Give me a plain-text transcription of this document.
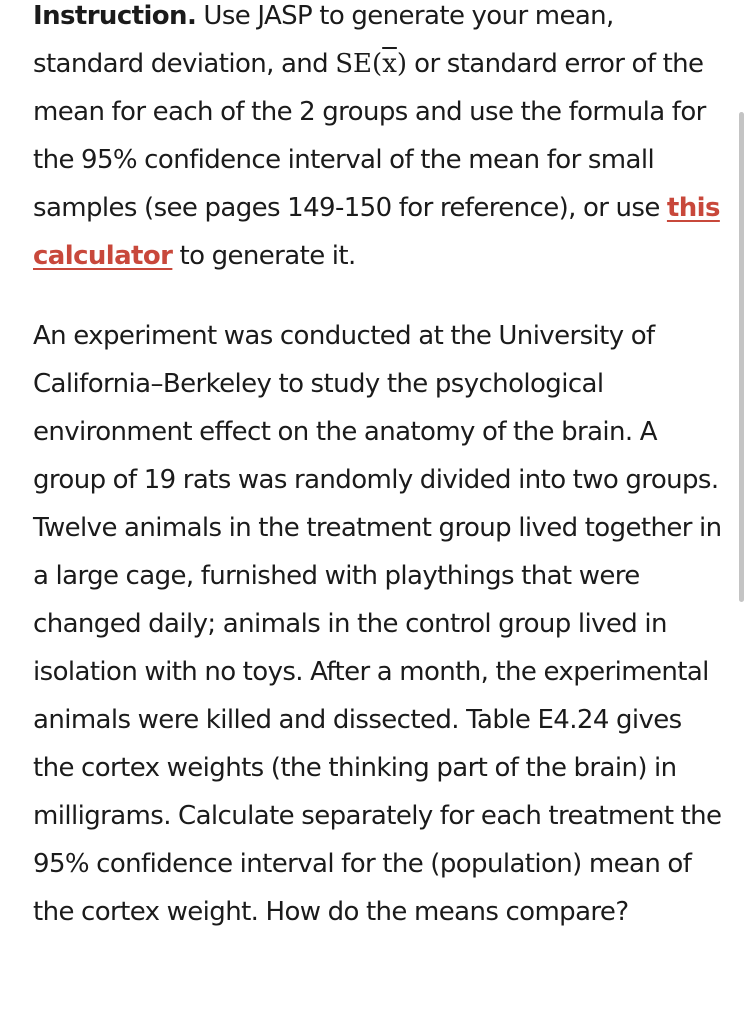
Instruction. Use JASP to generate your mean, standard deviation, and $SE(\overline{x})$ or standard error of the mean for each of the 2 groups and use the formula for the 95% confidence interval of the mean for small samples (see pages 149-150 for reference), or use this calculator to generate it.

An experiment was conducted at the University of California–Berkeley to study the psychological environment effect on the anatomy of the brain. A group of 19 rats was randomly divided into two groups. Twelve animals in the treatment group lived together in a large cage, furnished with playthings that were changed daily; animals in the control group lived in isolation with no toys. After a month, the experimental animals were killed and dissected. Table E4.24 gives the cortex weights (the thinking part of the brain) in milligrams. Calculate separately for each treatment the 95% confidence interval for the (population) mean of the cortex weight. How do the means compare?
